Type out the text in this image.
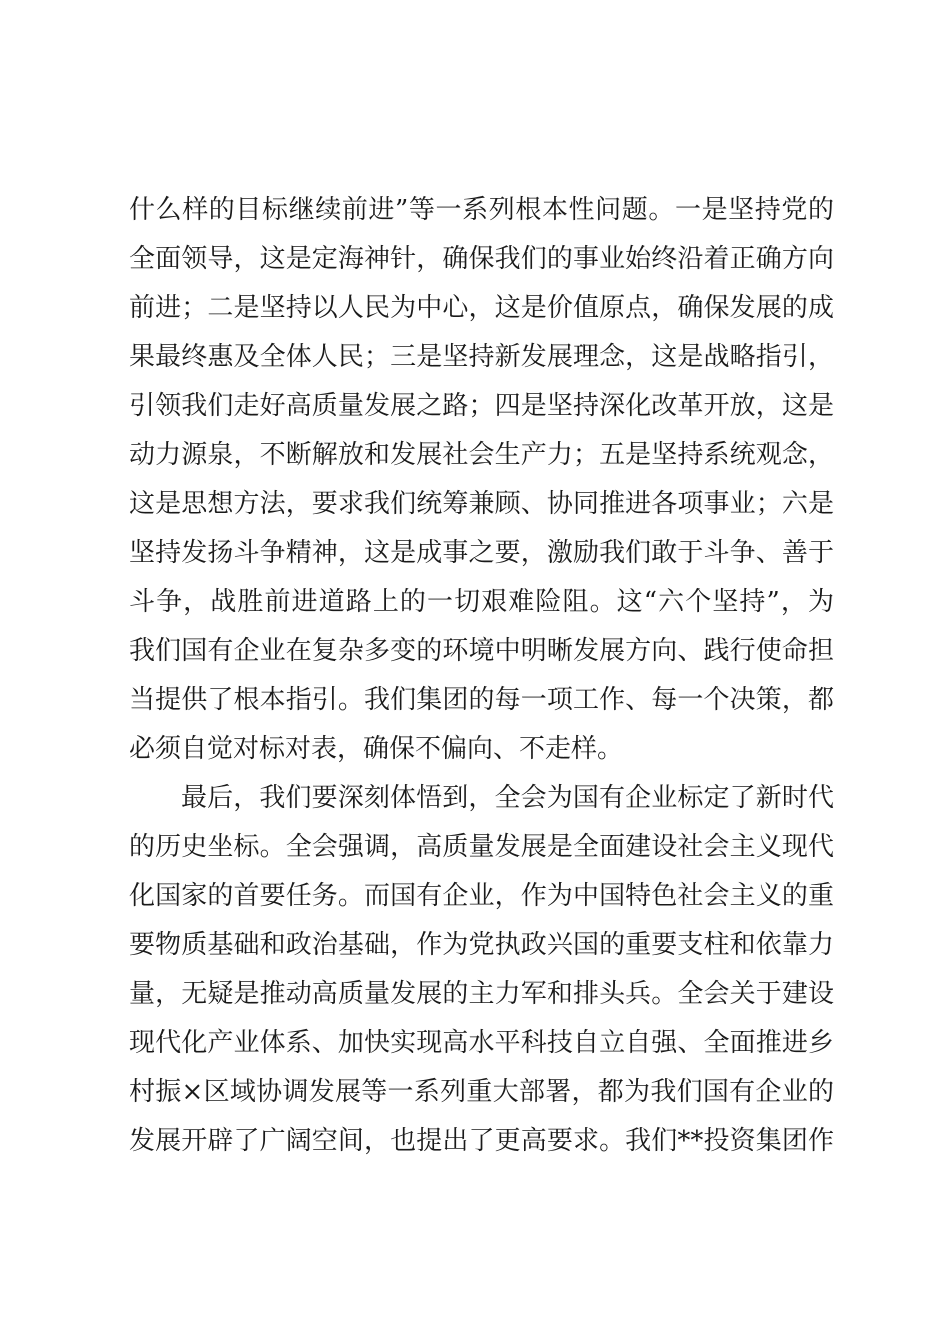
什么样的目标继续前进”等一系列根本性问题。一是坚持党的
全面领导，这是定海神针，确保我们的事业始终沿着正确方向
前进；二是坚持以人民为中心，这是价值原点，确保发展的成
果最终惠及全体人民；三是坚持新发展理念，这是战略指引，
引领我们走好高质量发展之路；四是坚持深化改革开放，这是
动力源泉，不断解放和发展社会生产力；五是坚持系统观念，
这是思想方法，要求我们统筹兼顾、协同推进各项事业；六是
坚持发扬斗争精神，这是成事之要，激励我们敢于斗争、善于
斗争，战胜前进道路上的一切艰难险阻。这“六个坚持”，为
我们国有企业在复杂多变的环境中明晰发展方向、践行使命担
当提供了根本指引。我们集团的每一项工作、每一个决策，都
必须自觉对标对表，确保不偏向、不走样。
最后，我们要深刻体悟到，全会为国有企业标定了新时代
的历史坐标。全会强调，高质量发展是全面建设社会主义现代
化国家的首要任务。而国有企业，作为中国特色社会主义的重
要物质基础和政治基础，作为党执政兴国的重要支柱和依靠力
量，无疑是推动高质量发展的主力军和排头兵。全会关于建设
现代化产业体系、加快实现高水平科技自立自强、全面推进乡
村振×区域协调发展等一系列重大部署，都为我们国有企业的
发展开辟了广阔空间，也提出了更高要求。我们**投资集团作
